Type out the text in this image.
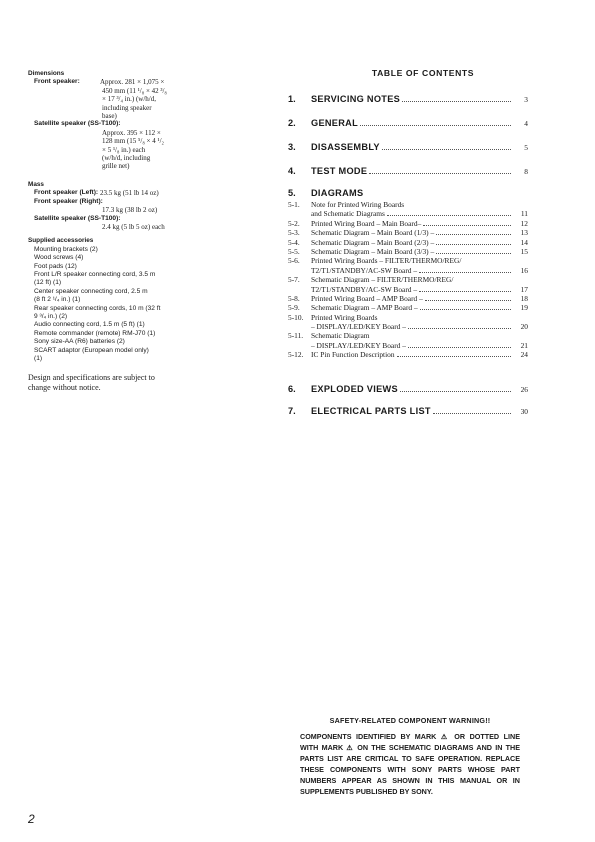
Dimensions
Front speaker:	Approx. 281 × 1,075 ×
450 mm (11 ¹/₈ × 42 ³/₈
× 17 ³/₄ in.) (w/h/d,
including speaker
base)
Satellite speaker (SS-T100):
Approx. 395 × 112 ×
128 mm (15 ⁵/₈ × 4 ¹/₂
× 5 ¹/₈ in.) each
(w/h/d, including
grille net)
Mass
Front speaker (Left): 23.5 kg (51 lb 14 oz)
Front speaker (Right):
17.3 kg (38 lb 2 oz)
Satellite speaker (SS-T100):
2.4 kg (5 lb 5 oz) each
Supplied accessories
Mounting brackets (2)
Wood screws (4)
Foot pads (12)
Front L/R speaker connecting cord, 3.5 m
(12 ft) (1)
Center speaker connecting cord, 2.5 m
(8 ft 2 ¹/₄ in.) (1)
Rear speaker connecting cords, 10 m (32 ft
9 ³/₄ in.) (2)
Audio connecting cord, 1.5 m (5 ft) (1)
Remote commander (remote) RM-J70 (1)
Sony size-AA (R6) batteries (2)
SCART adaptor (European model only)
(1)
Design and specifications are subject to
change without notice.
TABLE OF CONTENTS
1.	SERVICING NOTES	3
2.	GENERAL	4
3.	DISASSEMBLY	5
4.	TEST MODE	8
5.	DIAGRAMS
5-1.	Note for Printed Wiring Boards
and Schematic Diagrams	11
5-2.	Printed Wiring Board – Main Board–	12
5-3.	Schematic Diagram – Main Board (1/3) –	13
5-4.	Schematic Diagram – Main Board (2/3) –	14
5-5.	Schematic Diagram – Main Board (3/3) –	15
5-6.	Printed Wiring Boards – FILTER/THERMO/REG/
T2/T1/STANDBY/AC-SW Board –	16
5-7.	Schematic Diagram – FILTER/THERMO/REG/
T2/T1/STANDBY/AC-SW Board –	17
5-8.	Printed Wiring Board – AMP Board –	18
5-9.	Schematic Diagram – AMP Board –	19
5-10.	Printed Wiring Boards
– DISPLAY/LED/KEY Board –	20
5-11.	Schematic Diagram
– DISPLAY/LED/KEY Board –	21
5-12.	IC Pin Function Description	24
6.	EXPLODED VIEWS	26
7.	ELECTRICAL PARTS LIST	30
SAFETY-RELATED COMPONENT WARNING!!
COMPONENTS IDENTIFIED BY MARK ⚠ OR DOTTED LINE WITH MARK ⚠ ON THE SCHEMATIC DIAGRAMS AND IN THE PARTS LIST ARE CRITICAL TO SAFE OPERATION. REPLACE THESE COMPONENTS WITH SONY PARTS WHOSE PART NUMBERS APPEAR AS SHOWN IN THIS MANUAL OR IN SUPPLEMENTS PUBLISHED BY SONY.
2
